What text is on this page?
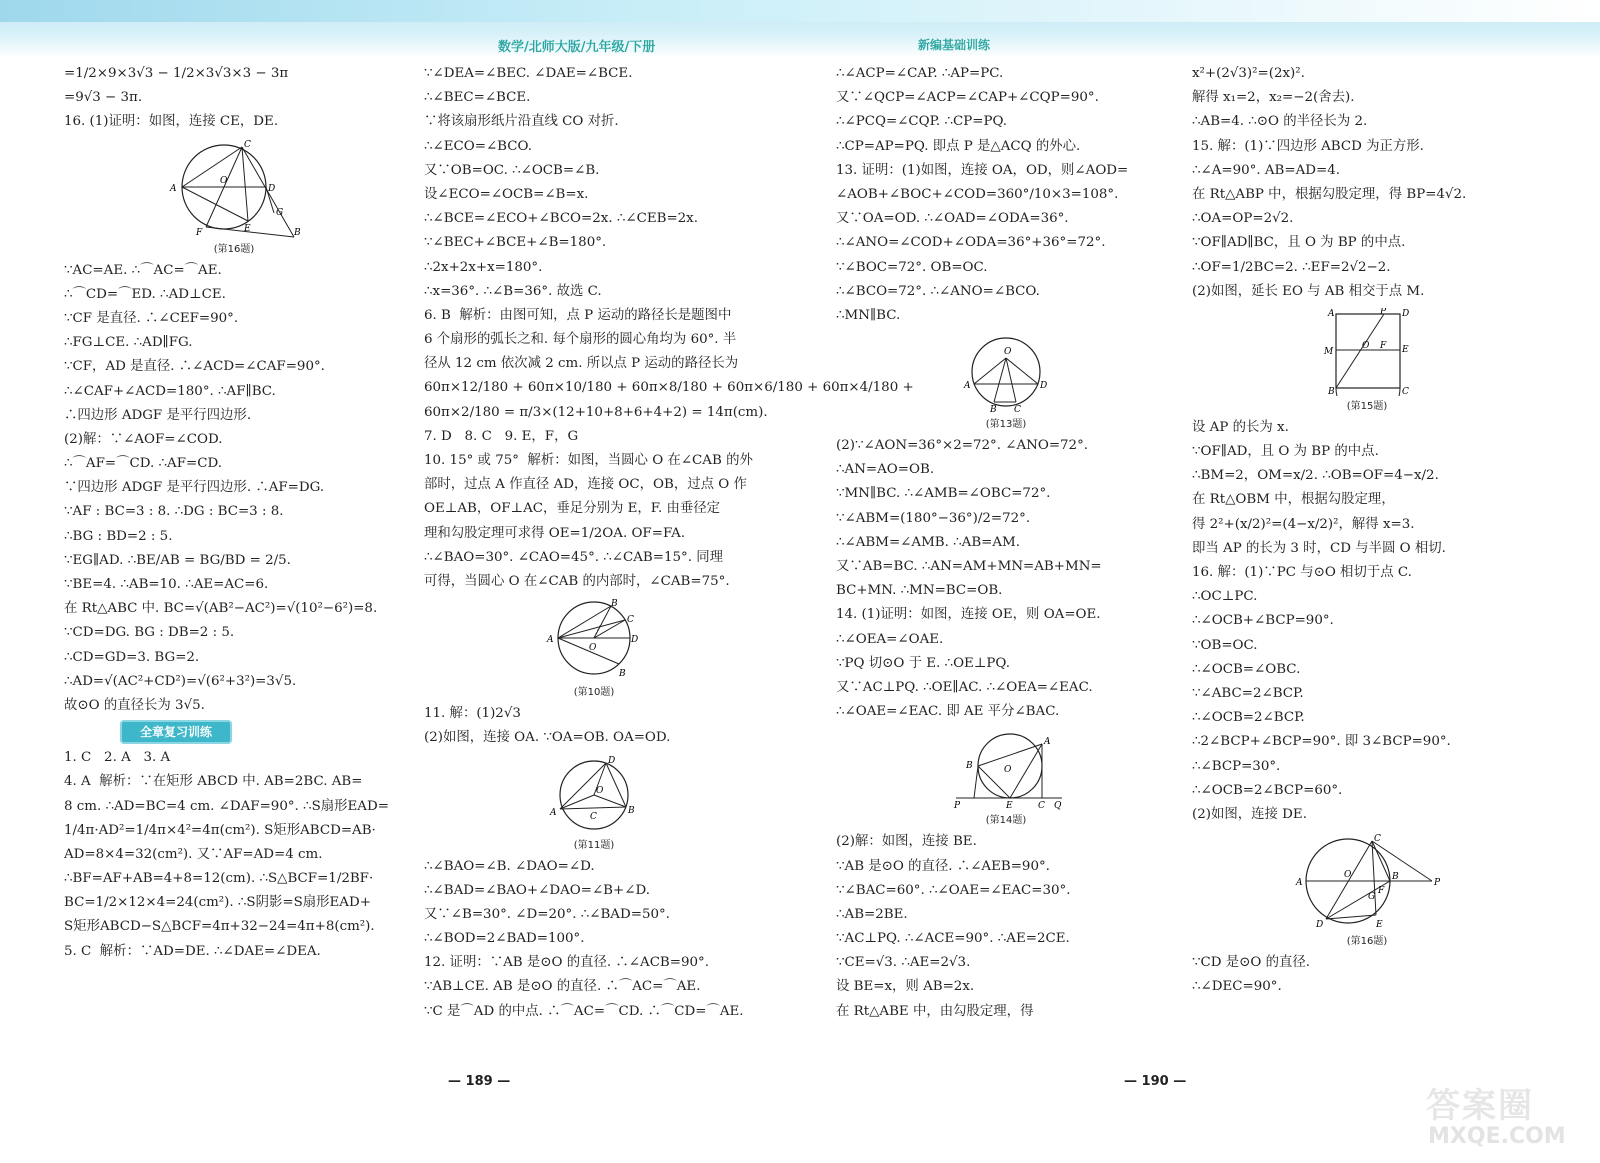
数学/北师大版/九年级/下册	新编基础训练
=1/2×9×3√3 − 1/2×3√3×3 − 3π
=9√3 − 3π.
16. (1)证明：如图，连接 CE，DE.
A
C
D
O
F	E
G
B
(第16题)
∵AC=AE. ∴⌒AC=⌒AE.
∴⌒CD=⌒ED. ∴AD⊥CE.
∵CF 是直径. ∴∠CEF=90°.
∴FG⊥CE. ∴AD∥FG.
∵CF，AD 是直径. ∴∠ACD=∠CAF=90°.
∴∠CAF+∠ACD=180°. ∴AF∥BC.
∴四边形 ADGF 是平行四边形.
(2)解：∵∠AOF=∠COD.
∴⌒AF=⌒CD. ∴AF=CD.
∵四边形 ADGF 是平行四边形. ∴AF=DG.
∵AF : BC=3 : 8. ∴DG : BC=3 : 8.
∴BG : BD=2 : 5.
∵EG∥AD. ∴BE/AB = BG/BD = 2/5.
∵BE=4. ∴AB=10. ∴AE=AC=6.
在 Rt△ABC 中. BC=√(AB²−AC²)=√(10²−6²)=8.
∵CD=DG. BG : DB=2 : 5.
∴CD=GD=3. BG=2.
∴AD=√(AC²+CD²)=√(6²+3²)=3√5.
故⊙O 的直径长为 3√5.
全章复习训练
1. C   2. A   3. A
4. A  解析：∵在矩形 ABCD 中. AB=2BC. AB=
8 cm. ∴AD=BC=4 cm. ∠DAF=90°. ∴S扇形EAD=
1/4π·AD²=1/4π×4²=4π(cm²). S矩形ABCD=AB·
AD=8×4=32(cm²). 又∵AF=AD=4 cm.
∴BF=AF+AB=4+8=12(cm). ∴S△BCF=1/2BF·
BC=1/2×12×4=24(cm²). ∴S阴影=S扇形EAD+
S矩形ABCD−S△BCF=4π+32−24=4π+8(cm²).
5. C  解析：∵AD=DE. ∴∠DAE=∠DEA.
∵∠DEA=∠BEC. ∠DAE=∠BCE.
∴∠BEC=∠BCE.
∵将该扇形纸片沿直线 CO 对折.
∴∠ECO=∠BCO.
又∵OB=OC. ∴∠OCB=∠B.
设∠ECO=∠OCB=∠B=x.
∴∠BCE=∠ECO+∠BCO=2x. ∴∠CEB=2x.
∵∠BEC+∠BCE+∠B=180°.
∴2x+2x+x=180°.
∴x=36°. ∴∠B=36°. 故选 C.
6. B  解析：由图可知，点 P 运动的路径长是题图中
6 个扇形的弧长之和. 每个扇形的圆心角均为 60°. 半
径从 12 cm 依次减 2 cm. 所以点 P 运动的路径长为
60π×12/180 + 60π×10/180 + 60π×8/180 + 60π×6/180 + 60π×4/180 +
60π×2/180 = π/3×(12+10+8+6+4+2) = 14π(cm).
7. D   8. C   9. E，F，G
10. 15° 或 75°  解析：如图，当圆心 O 在∠CAB 的外
部时，过点 A 作直径 AD，连接 OC，OB，过点 O 作
OE⊥AB，OF⊥AC，垂足分别为 E，F. 由垂径定
理和勾股定理可求得 OE=1/2OA. OF=FA.
∴∠BAO=30°. ∠CAO=45°. ∴∠CAB=15°. 同理
可得，当圆心 O 在∠CAB 的内部时，∠CAB=75°.
A
B
D
B
O
C
(第10题)
11. 解：(1)2√3
(2)如图，连接 OA. ∵OA=OB. OA=OD.
A
D
B
C
O
(第11题)
∴∠BAO=∠B. ∠DAO=∠D.
∴∠BAD=∠BAO+∠DAO=∠B+∠D.
又∵∠B=30°. ∠D=20°. ∴∠BAD=50°.
∴∠BOD=2∠BAD=100°.
12. 证明：∵AB 是⊙O 的直径. ∴∠ACB=90°.
∵AB⊥CE. AB 是⊙O 的直径. ∴⌒AC=⌒AE.
∵C 是⌒AD 的中点. ∴⌒AC=⌒CD. ∴⌒CD=⌒AE.
∴∠ACP=∠CAP. ∴AP=PC.
又∵∠QCP=∠ACP=∠CAP+∠CQP=90°.
∴∠PCQ=∠CQP. ∴CP=PQ.
∴CP=AP=PQ. 即点 P 是△ACQ 的外心.
13. 证明：(1)如图，连接 OA，OD，则∠AOD=
∠AOB+∠BOC+∠COD=360°/10×3=108°.
又∵OA=OD. ∴∠OAD=∠ODA=36°.
∴∠ANO=∠COD+∠ODA=36°+36°=72°.
∵∠BOC=72°. OB=OC.
∴∠BCO=72°. ∴∠ANO=∠BCO.
∴MN∥BC.
O
A	D
B C
(第13题)
(2)∵∠AON=36°×2=72°. ∠ANO=72°.
∴AN=AO=OB.
∵MN∥BC. ∴∠AMB=∠OBC=72°.
∵∠ABM=(180°−36°)/2=72°.
∴∠ABM=∠AMB. ∴AB=AM.
又∵AB=BC. ∴AN=AM+MN=AB+MN=
BC+MN. ∴MN=BC=OB.
14. (1)证明：如图，连接 OE，则 OA=OE.
∴∠OEA=∠OAE.
∵PQ 切⊙O 于 E. ∴OE⊥PQ.
又∵AC⊥PQ. ∴OE∥AC. ∴∠OEA=∠EAC.
∴∠OAE=∠EAC. 即 AE 平分∠BAC.
A
B
P	E	C Q
O
(第14题)
(2)解：如图，连接 BE.
∵AB 是⊙O 的直径. ∴∠AEB=90°.
∵∠BAC=60°. ∴∠OAE=∠EAC=30°.
∴AB=2BE.
∵AC⊥PQ. ∴∠ACE=90°. ∴AE=2CE.
∵CE=√3. ∴AE=2√3.
设 BE=x，则 AB=2x.
在 Rt△ABE 中，由勾股定理，得
x²+(2√3)²=(2x)².
解得 x₁=2，x₂=−2(舍去).
∴AB=4. ∴⊙O 的半径长为 2.
15. 解：(1)∵四边形 ABCD 为正方形.
∴∠A=90°. AB=AD=4.
在 Rt△ABP 中，根据勾股定理，得 BP=4√2.
∴OA=OP=2√2.
∵OF∥AD∥BC，且 O 为 BP 的中点.
∴OF=1/2BC=2. ∴EF=2√2−2.
(2)如图，延长 EO 与 AB 相交于点 M.
A	P D
M
O F E
B	C
(第15题)
设 AP 的长为 x.
∵OF∥AD，且 O 为 BP 的中点.
∴BM=2，OM=x/2. ∴OB=OF=4−x/2.
在 Rt△OBM 中，根据勾股定理，
得 2²+(x/2)²=(4−x/2)²，解得 x=3.
即当 AP 的长为 3 时，CD 与半圆 O 相切.
16. 解：(1)∵PC 与⊙O 相切于点 C.
∴OC⊥PC.
∴∠OCB+∠BCP=90°.
∵OB=OC.
∴∠OCB=∠OBC.
∵∠ABC=2∠BCP.
∴∠OCB=2∠BCP.
∴2∠BCP+∠BCP=90°. 即 3∠BCP=90°.
∴∠BCP=30°.
∴∠OCB=2∠BCP=60°.
(2)如图，连接 DE.
A
C
O	B
P
F
G
D	E
(第16题)
∵CD 是⊙O 的直径.
∴∠DEC=90°.
— 189 —	— 190 —
答案圈
MXQE.COM
